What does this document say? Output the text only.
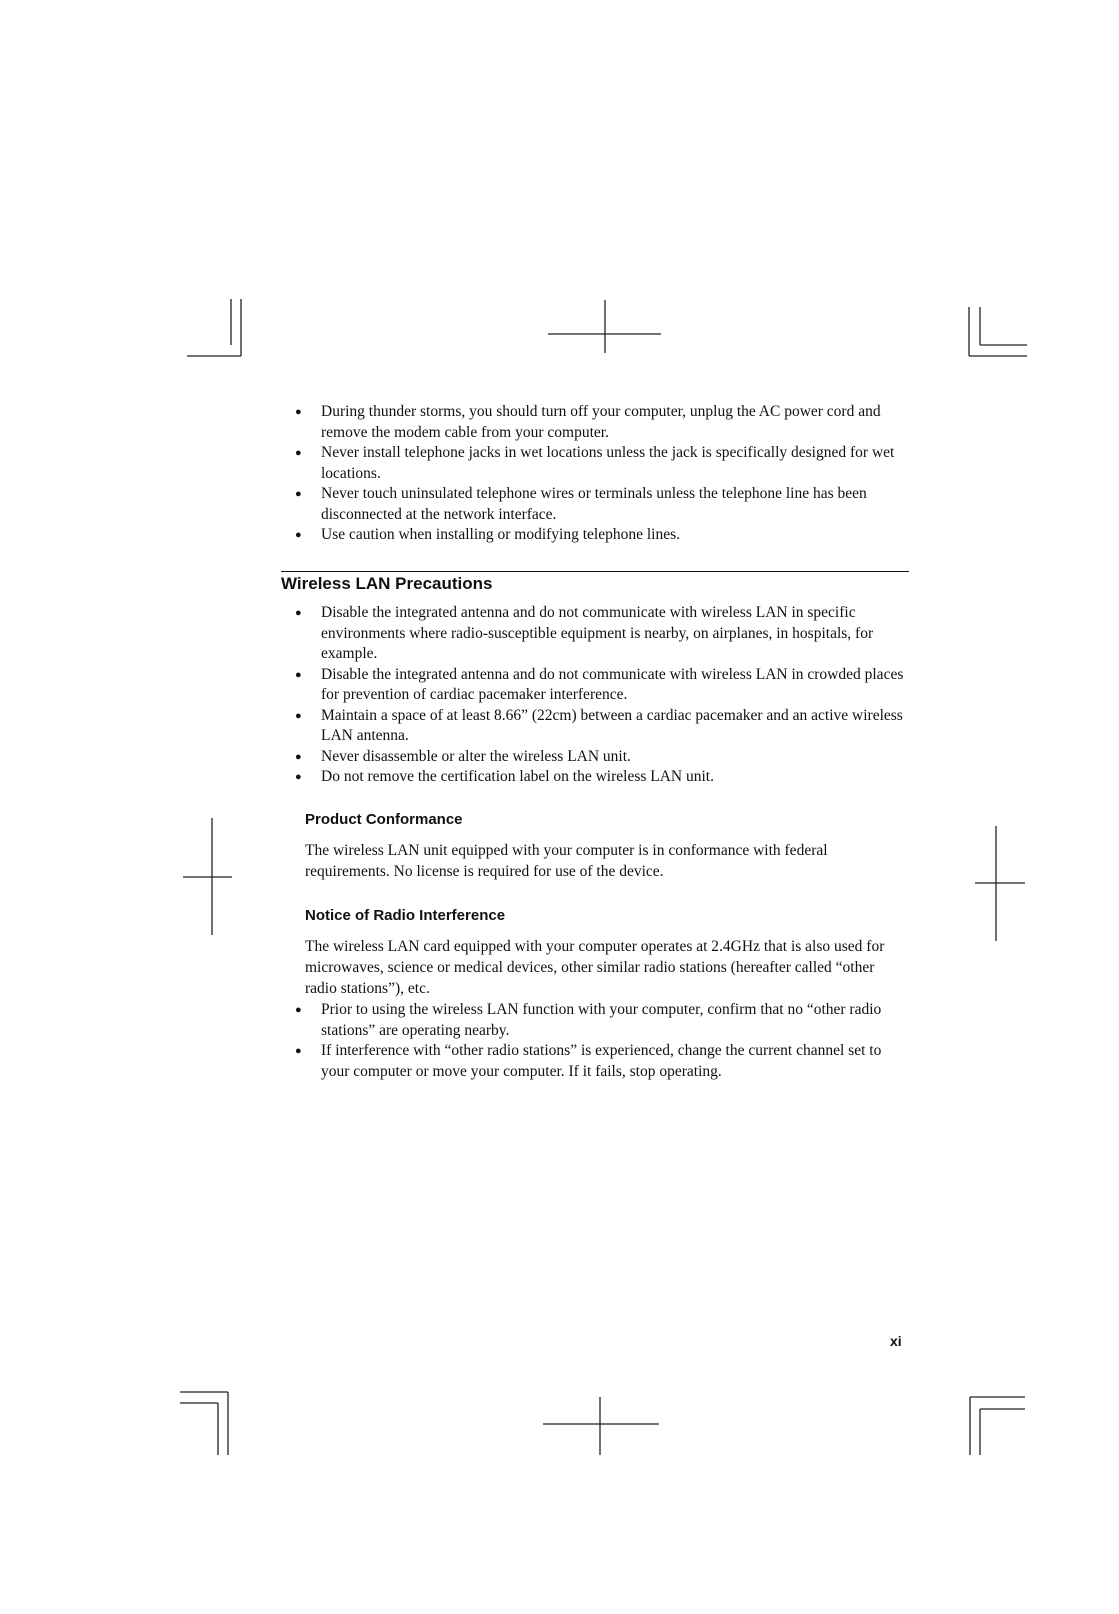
● During thunder storms, you should turn off your computer, unplug the AC power cord and remove the modem cable from your computer.
● Never install telephone jacks in wet locations unless the jack is specifically designed for wet locations.
● Never touch uninsulated telephone wires or terminals unless the telephone line has been disconnected at the network interface.
● Use caution when installing or modifying telephone lines.
Wireless LAN Precautions
● Disable the integrated antenna and do not communicate with wireless LAN in specific environments where radio-susceptible equipment is nearby, on airplanes, in hospitals, for example.
● Disable the integrated antenna and do not communicate with wireless LAN in crowded places for prevention of cardiac pacemaker interference.
● Maintain a space of at least 8.66” (22cm) between a cardiac pacemaker and an active wireless LAN antenna.
● Never disassemble or alter the wireless LAN unit.
● Do not remove the certification label on the wireless LAN unit.
Product Conformance

The wireless LAN unit equipped with your computer is in conformance with federal requirements. No license is required for use of the device.

Notice of Radio Interference

The wireless LAN card equipped with your computer operates at 2.4GHz that is also used for microwaves, science or medical devices, other similar radio stations (hereafter called “other radio stations”), etc.

● Prior to using the wireless LAN function with your computer, confirm that no “other radio stations” are operating nearby.
● If interference with “other radio stations” is experienced, change the current channel set to your computer or move your computer. If it fails, stop operating.
xi
